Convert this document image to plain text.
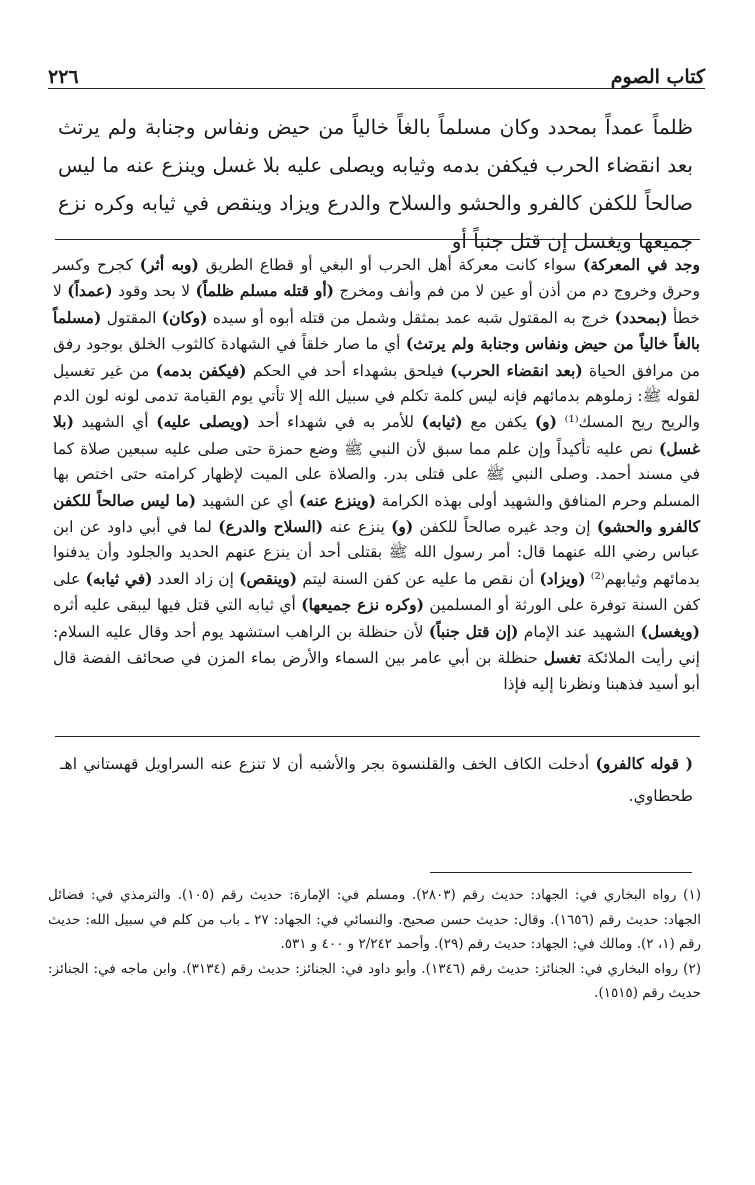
٢٢٦	كتاب الصوم
ظلماً عمداً بمحدد وكان مسلماً بالغاً خالياً من حيض ونفاس وجنابة ولم يرتث بعد انقضاء الحرب فيكفن بدمه وثيابه ويصلى عليه بلا غسل وينزع عنه ما ليس صالحاً للكفن كالفرو والحشو والسلاح والدرع ويزاد وينقص في ثيابه وكره نزع جميعها ويغسل إن قتل جنباً أو
وجد في المعركة) سواء كانت معركة أهل الحرب أو البغي أو قطاع الطريق (وبه أثر) كجرح وكسر وحرق وخروج دم من أذن أو عين لا من فم وأنف ومخرج (أو قتله مسلم ظلماً) لا بحد وقود (عمداً) لا خطأ (بمحدد) خرج به المقتول شبه عمد بمثقل وشمل من قتله أبوه أو سيده (وكان) المقتول (مسلماً بالغاً خالياً من حيض ونفاس وجنابة ولم يرتث) أي ما صار خلقاً في الشهادة كالثوب الخلق بوجود رفق من مرافق الحياة (بعد انقضاء الحرب) فيلحق بشهداء أحد في الحكم (فيكفن بدمه) من غير تغسيل لقوله ﷺ: زملوهم بدمائهم فإنه ليس كلمة تكلم في سبيل الله إلا تأتي يوم القيامة تدمى لونه لون الدم والريح ريح المسك⁽¹⁾ (و) يكفن مع (ثيابه) للأمر به في شهداء أحد (ويصلى عليه) أي الشهيد (بلا غسل) نص عليه تأكيداً وإن علم مما سبق لأن النبي ﷺ وضع حمزة حتى صلى عليه سبعين صلاة كما في مسند أحمد. وصلى النبي ﷺ على قتلى بدر. والصلاة على الميت لإظهار كرامته حتى اختص بها المسلم وحرم المنافق والشهيد أولى بهذه الكرامة (وينزع عنه) أي عن الشهيد (ما ليس صالحاً للكفن كالفرو والحشو) إن وجد غيره صالحاً للكفن (و) ينزع عنه (السلاح والدرع) لما في أبي داود عن ابن عباس رضي الله عنهما قال: أمر رسول الله ﷺ بقتلى أحد أن ينزع عنهم الحديد والجلود وأن يدفنوا بدمائهم وثيابهم⁽²⁾ (ويزاد) أن نقص ما عليه عن كفن السنة ليتم (وينقص) إن زاد العدد (في ثيابه) على كفن السنة توفرة على الورثة أو المسلمين (وكره نزع جميعها) أي ثيابه التي قتل فيها ليبقى عليه أثره (ويغسل) الشهيد عند الإمام (إن قتل جنباً) لأن حنظلة بن الراهب استشهد يوم أحد وقال عليه السلام: إني رأيت الملائكة تغسل حنظلة بن أبي عامر بين السماء والأرض بماء المزن في صحائف الفضة قال أبو أسيد فذهبنا ونظرنا إليه فإذا
( قوله كالفرو) أدخلت الكاف الخف والقلنسوة بجر والأشبه أن لا تنزع عنه السراويل قهستاني اهـ طحطاوي.

(١) رواه البخاري في: الجهاد: حديث رقم (٢٨٠٣). ومسلم في: الإمارة: حديث رقم (١٠٥). والترمذي في: فضائل الجهاد: حديث رقم (١٦٥٦). وقال: حديث حسن صحيح. والنسائي في: الجهاد: ٢٧ ـ باب من كلم في سبيل الله: حديث رقم (١، ٢). ومالك في: الجهاد: حديث رقم (٢٩). وأحمد ٢/٢٤٢ و ٤٠٠ و ٥٣١.

(٢) رواه البخاري في: الجنائز: حديث رقم (١٣٤٦). وأبو داود في: الجنائز: حديث رقم (٣١٣٤). وابن ماجه في: الجنائز: حديث رقم (١٥١٥).
